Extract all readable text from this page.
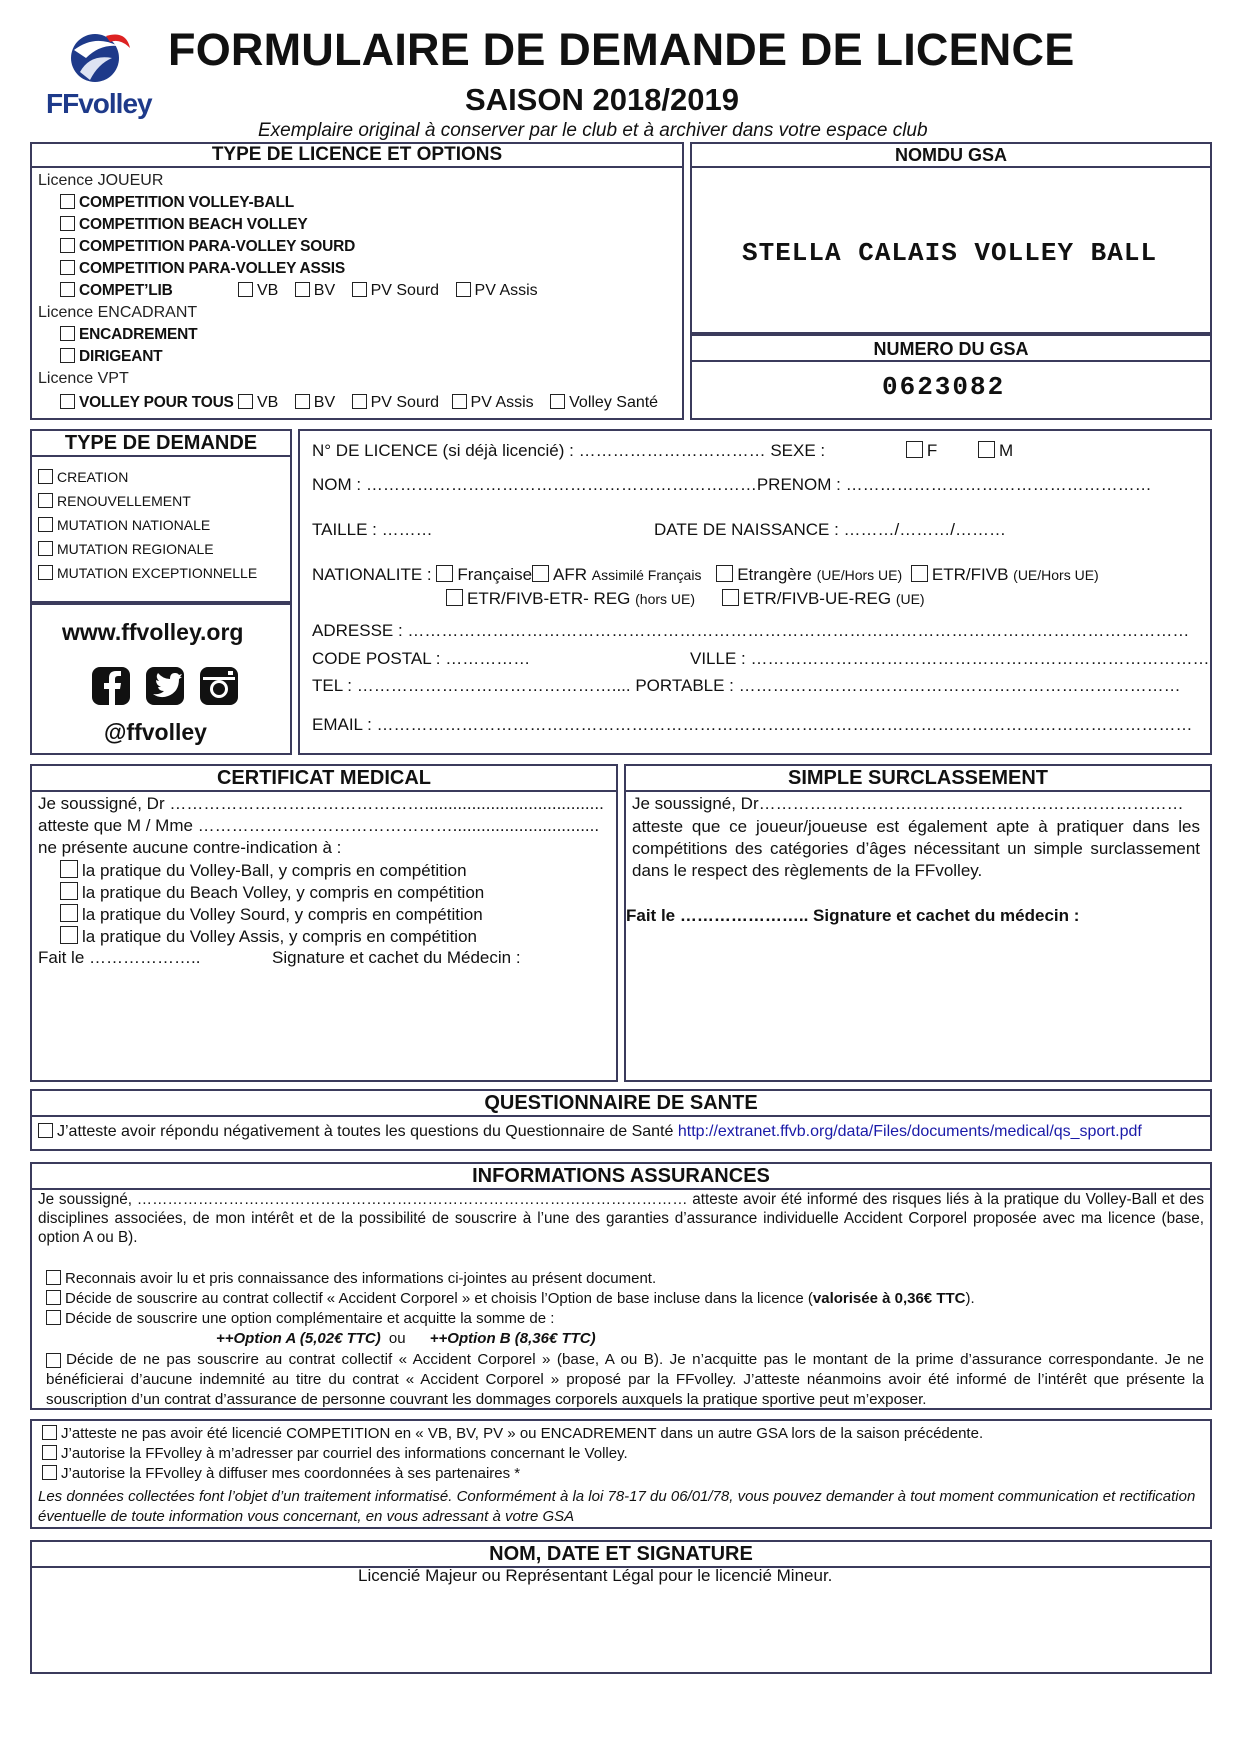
FFvolley
FORMULAIRE DE DEMANDE DE LICENCE
SAISON 2018/2019
Exemplaire original à conserver par le club et à archiver dans votre espace club
TYPE DE LICENCE ET OPTIONS
Licence JOUEUR
COMPETITION VOLLEY-BALL
COMPETITION BEACH VOLLEY
COMPETITION PARA-VOLLEY SOURD
COMPETITION PARA-VOLLEY ASSIS
COMPET’LIB	VB BV PV Sourd PV Assis
Licence ENCADRANT
ENCADREMENT
DIRIGEANT
Licence VPT
VOLLEY POUR TOUS	VB BV PV Sourd PV Assis Volley Santé
NOMDU GSA
STELLA CALAIS VOLLEY BALL
NUMERO DU GSA
0623082
TYPE DE DEMANDE
CREATION
RENOUVELLEMENT
MUTATION NATIONALE
MUTATION REGIONALE
MUTATION EXCEPTIONNELLE
www.ffvolley.org
@ffvolley
N° DE LICENCE (si déjà licencié) : …………………………… SEXE :	F	M
NOM : ……………………………………………………………PRENOM : ………………………………………………
TAILLE : ………	DATE DE NAISSANCE : ………/………/………
NATIONALITE : Française AFR Assimilé Français Etrangère (UE/Hors UE) ETR/FIVB (UE/Hors UE)
ETR/FIVB-ETR- REG (hors UE)	ETR/FIVB-UE-REG (UE)
ADRESSE : …………………………………………………………………………………………………………………………
CODE POSTAL : ……………	VILLE : ………………………………………………………………………
TEL : ……………………………………….... PORTABLE : ……………………………………………………………………
EMAIL : ………………………………………………………………………………………………………………………………
CERTIFICAT MEDICAL
Je soussigné, Dr ………………………………………......................................
atteste que M / Mme ………………………………………...............................
ne présente aucune contre-indication à :
la pratique du Volley-Ball, y compris en compétition
la pratique du Beach Volley, y compris en compétition
la pratique du Volley Sourd, y compris en compétition
la pratique du Volley Assis, y compris en compétition
Fait le ………………..	Signature et cachet du Médecin :
SIMPLE SURCLASSEMENT
Je soussigné, Dr…………………………………………………………………
atteste que ce joueur/joueuse est également apte à pratiquer dans les compétitions des catégories d’âges nécessitant un simple surclassement dans le respect des règlements de la FFvolley.
Fait le ………………….. Signature et cachet du médecin :
QUESTIONNAIRE DE SANTE
J’atteste avoir répondu négativement à toutes les questions du Questionnaire de Santé http://extranet.ffvb.org/data/Files/documents/medical/qs_sport.pdf
INFORMATIONS ASSURANCES
Je soussigné, ……………………………………………………………………………………………… atteste avoir été informé des risques liés à la pratique du Volley-Ball et des disciplines associées, de mon intérêt et de la possibilité de souscrire à l’une des garanties d’assurance individuelle Accident Corporel proposée avec ma licence (base, option A ou B).
Reconnais avoir lu et pris connaissance des informations ci-jointes au présent document.
Décide de souscrire au contrat collectif « Accident Corporel » et choisis l’Option de base incluse dans la licence (valorisée à 0,36€ TTC).
Décide de souscrire une option complémentaire et acquitte la somme de :
++Option A (5,02€ TTC) ou ++Option B (8,36€ TTC)
Décide de ne pas souscrire au contrat collectif « Accident Corporel » (base, A ou B). Je n’acquitte pas le montant de la prime d’assurance correspondante. Je ne bénéficierai d’aucune indemnité au titre du contrat « Accident Corporel » proposé par la FFvolley. J’atteste néanmoins avoir été informé de l’intérêt que présente la souscription d’un contrat d’assurance de personne couvrant les dommages corporels auxquels la pratique sportive peut m’exposer.
J’atteste ne pas avoir été licencié COMPETITION en « VB, BV, PV » ou ENCADREMENT dans un autre GSA lors de la saison précédente.
J’autorise la FFvolley à m’adresser par courriel des informations concernant le Volley.
J’autorise la FFvolley à diffuser mes coordonnées à ses partenaires *
Les données collectées font l’objet d’un traitement informatisé. Conformément à la loi 78-17 du 06/01/78, vous pouvez demander à tout moment communication et rectification éventuelle de toute information vous concernant, en vous adressant à votre GSA
NOM, DATE ET SIGNATURE
Licencié Majeur ou Représentant Légal pour le licencié Mineur.
